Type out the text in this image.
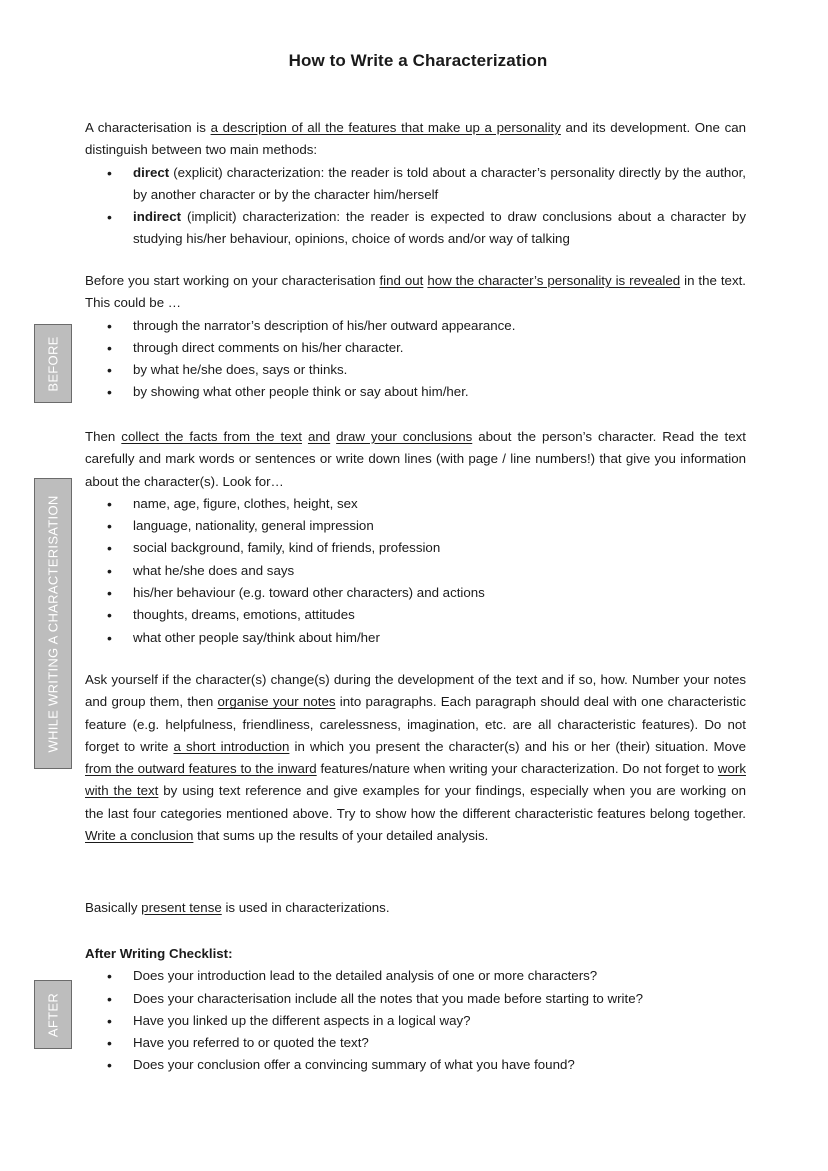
How to Write a Characterization
BEFORE
WHILE WRITING A CHARACTERISATION
AFTER

A characterisation is a description of all the features that make up a personality and its development. One can distinguish between two main methods:

• direct (explicit) characterization: the reader is told about a character’s personality directly by the author, by another character or by the character him/herself
• indirect (implicit) characterization: the reader is expected to draw conclusions about a character by studying his/her behaviour, opinions, choice of words and/or way of talking

Before you start working on your characterisation find out how the character’s personality is revealed in the text. This could be …

• through the narrator’s description of his/her outward appearance.
• through direct comments on his/her character.
• by what he/she does, says or thinks.
• by showing what other people think or say about him/her.

Then collect the facts from the text and draw your conclusions about the person’s character. Read the text carefully and mark words or sentences or write down lines (with page / line numbers!) that give you information about the character(s). Look for…

• name, age, figure, clothes, height, sex
• language, nationality, general impression
• social background, family, kind of friends, profession
• what he/she does and says
• his/her behaviour (e.g. toward other characters) and actions
• thoughts, dreams, emotions, attitudes
• what other people say/think about him/her

Ask yourself if the character(s) change(s) during the development of the text and if so, how. Number your notes and group them, then organise your notes into paragraphs. Each paragraph should deal with one characteristic feature (e.g. helpfulness, friendliness, carelessness, imagination, etc. are all characteristic features). Do not forget to write a short introduction in which you present the character(s) and his or her (their) situation. Move from the outward features to the inward features/nature when writing your characterization. Do not forget to work with the text by using text reference and give examples for your findings, especially when you are working on the last four categories mentioned above. Try to show how the different characteristic features belong together. Write a conclusion that sums up the results of your detailed analysis.

Basically present tense is used in characterizations.

After Writing Checklist:

• Does your introduction lead to the detailed analysis of one or more characters?
• Does your characterisation include all the notes that you made before starting to write?
• Have you linked up the different aspects in a logical way?
• Have you referred to or quoted the text?
• Does your conclusion offer a convincing summary of what you have found?
